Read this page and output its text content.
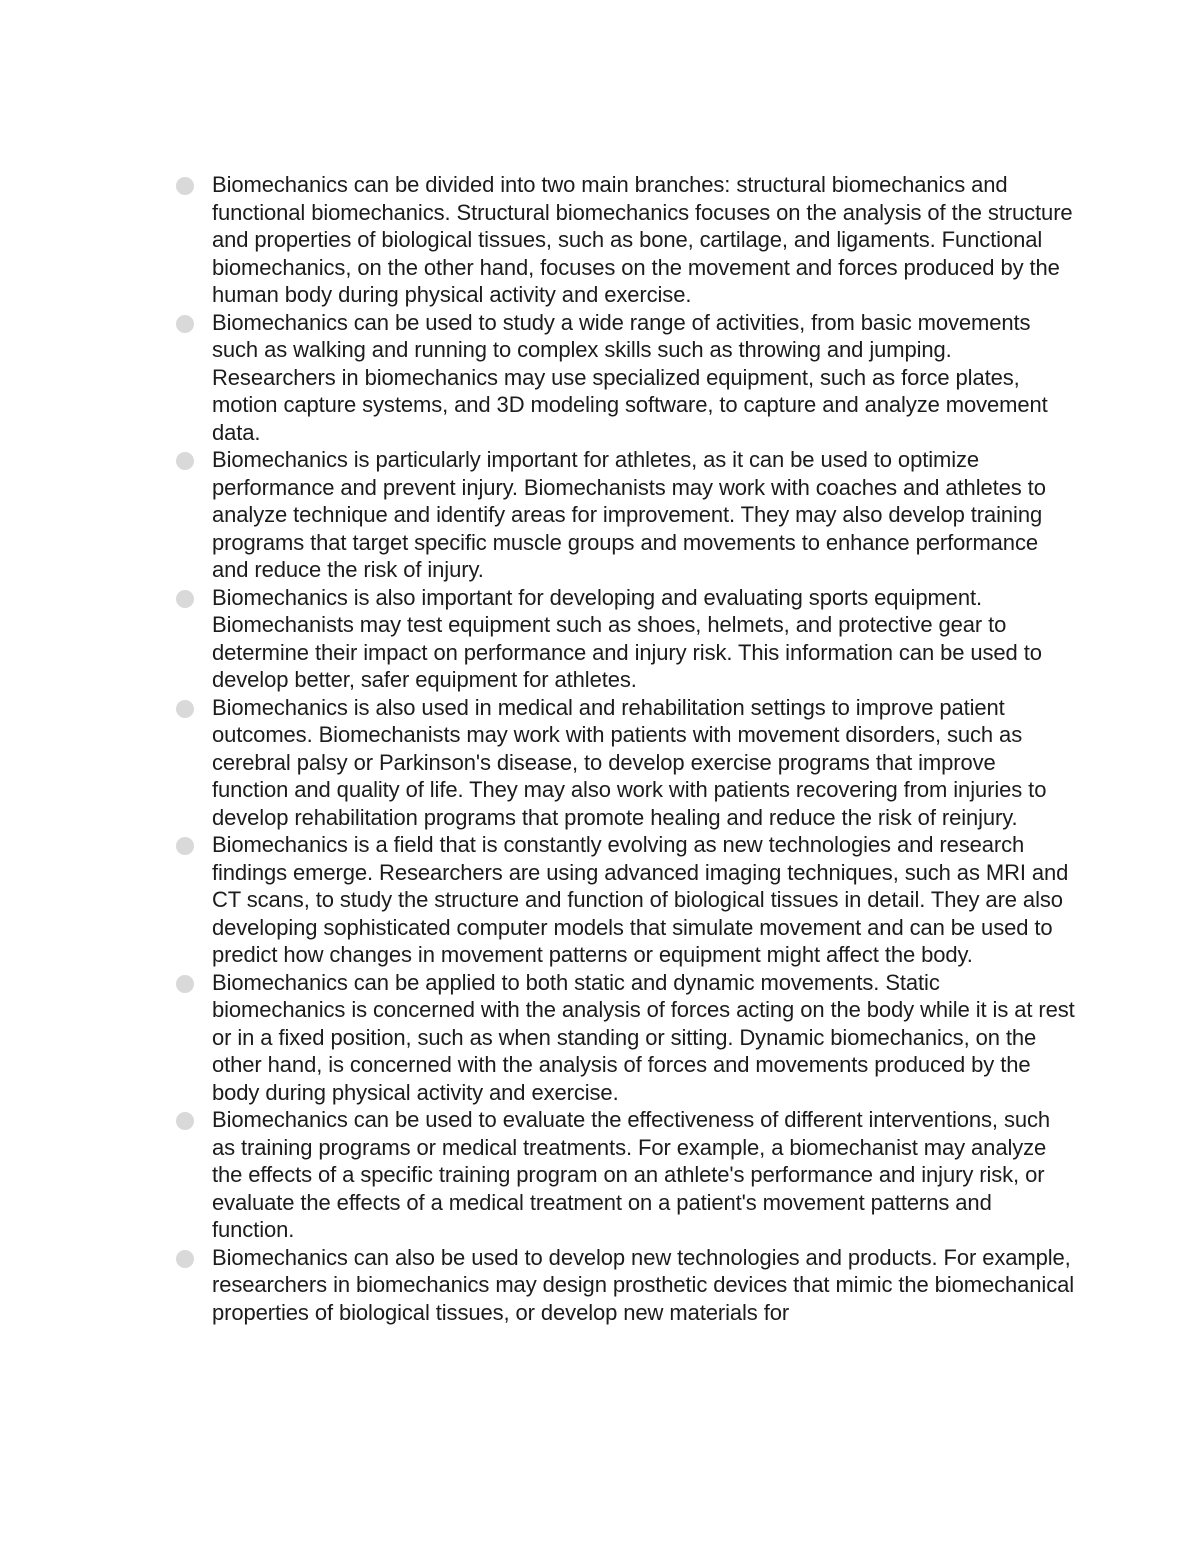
Biomechanics can be divided into two main branches: structural biomechanics and functional biomechanics. Structural biomechanics focuses on the analysis of the structure and properties of biological tissues, such as bone, cartilage, and ligaments. Functional biomechanics, on the other hand, focuses on the movement and forces produced by the human body during physical activity and exercise.
Biomechanics can be used to study a wide range of activities, from basic movements such as walking and running to complex skills such as throwing and jumping. Researchers in biomechanics may use specialized equipment, such as force plates, motion capture systems, and 3D modeling software, to capture and analyze movement data.
Biomechanics is particularly important for athletes, as it can be used to optimize performance and prevent injury. Biomechanists may work with coaches and athletes to analyze technique and identify areas for improvement. They may also develop training programs that target specific muscle groups and movements to enhance performance and reduce the risk of injury.
Biomechanics is also important for developing and evaluating sports equipment. Biomechanists may test equipment such as shoes, helmets, and protective gear to determine their impact on performance and injury risk. This information can be used to develop better, safer equipment for athletes.
Biomechanics is also used in medical and rehabilitation settings to improve patient outcomes. Biomechanists may work with patients with movement disorders, such as cerebral palsy or Parkinson's disease, to develop exercise programs that improve function and quality of life. They may also work with patients recovering from injuries to develop rehabilitation programs that promote healing and reduce the risk of reinjury.
Biomechanics is a field that is constantly evolving as new technologies and research findings emerge. Researchers are using advanced imaging techniques, such as MRI and CT scans, to study the structure and function of biological tissues in detail. They are also developing sophisticated computer models that simulate movement and can be used to predict how changes in movement patterns or equipment might affect the body.
Biomechanics can be applied to both static and dynamic movements. Static biomechanics is concerned with the analysis of forces acting on the body while it is at rest or in a fixed position, such as when standing or sitting. Dynamic biomechanics, on the other hand, is concerned with the analysis of forces and movements produced by the body during physical activity and exercise.
Biomechanics can be used to evaluate the effectiveness of different interventions, such as training programs or medical treatments. For example, a biomechanist may analyze the effects of a specific training program on an athlete's performance and injury risk, or evaluate the effects of a medical treatment on a patient's movement patterns and function.
Biomechanics can also be used to develop new technologies and products. For example, researchers in biomechanics may design prosthetic devices that mimic the biomechanical properties of biological tissues, or develop new materials for
